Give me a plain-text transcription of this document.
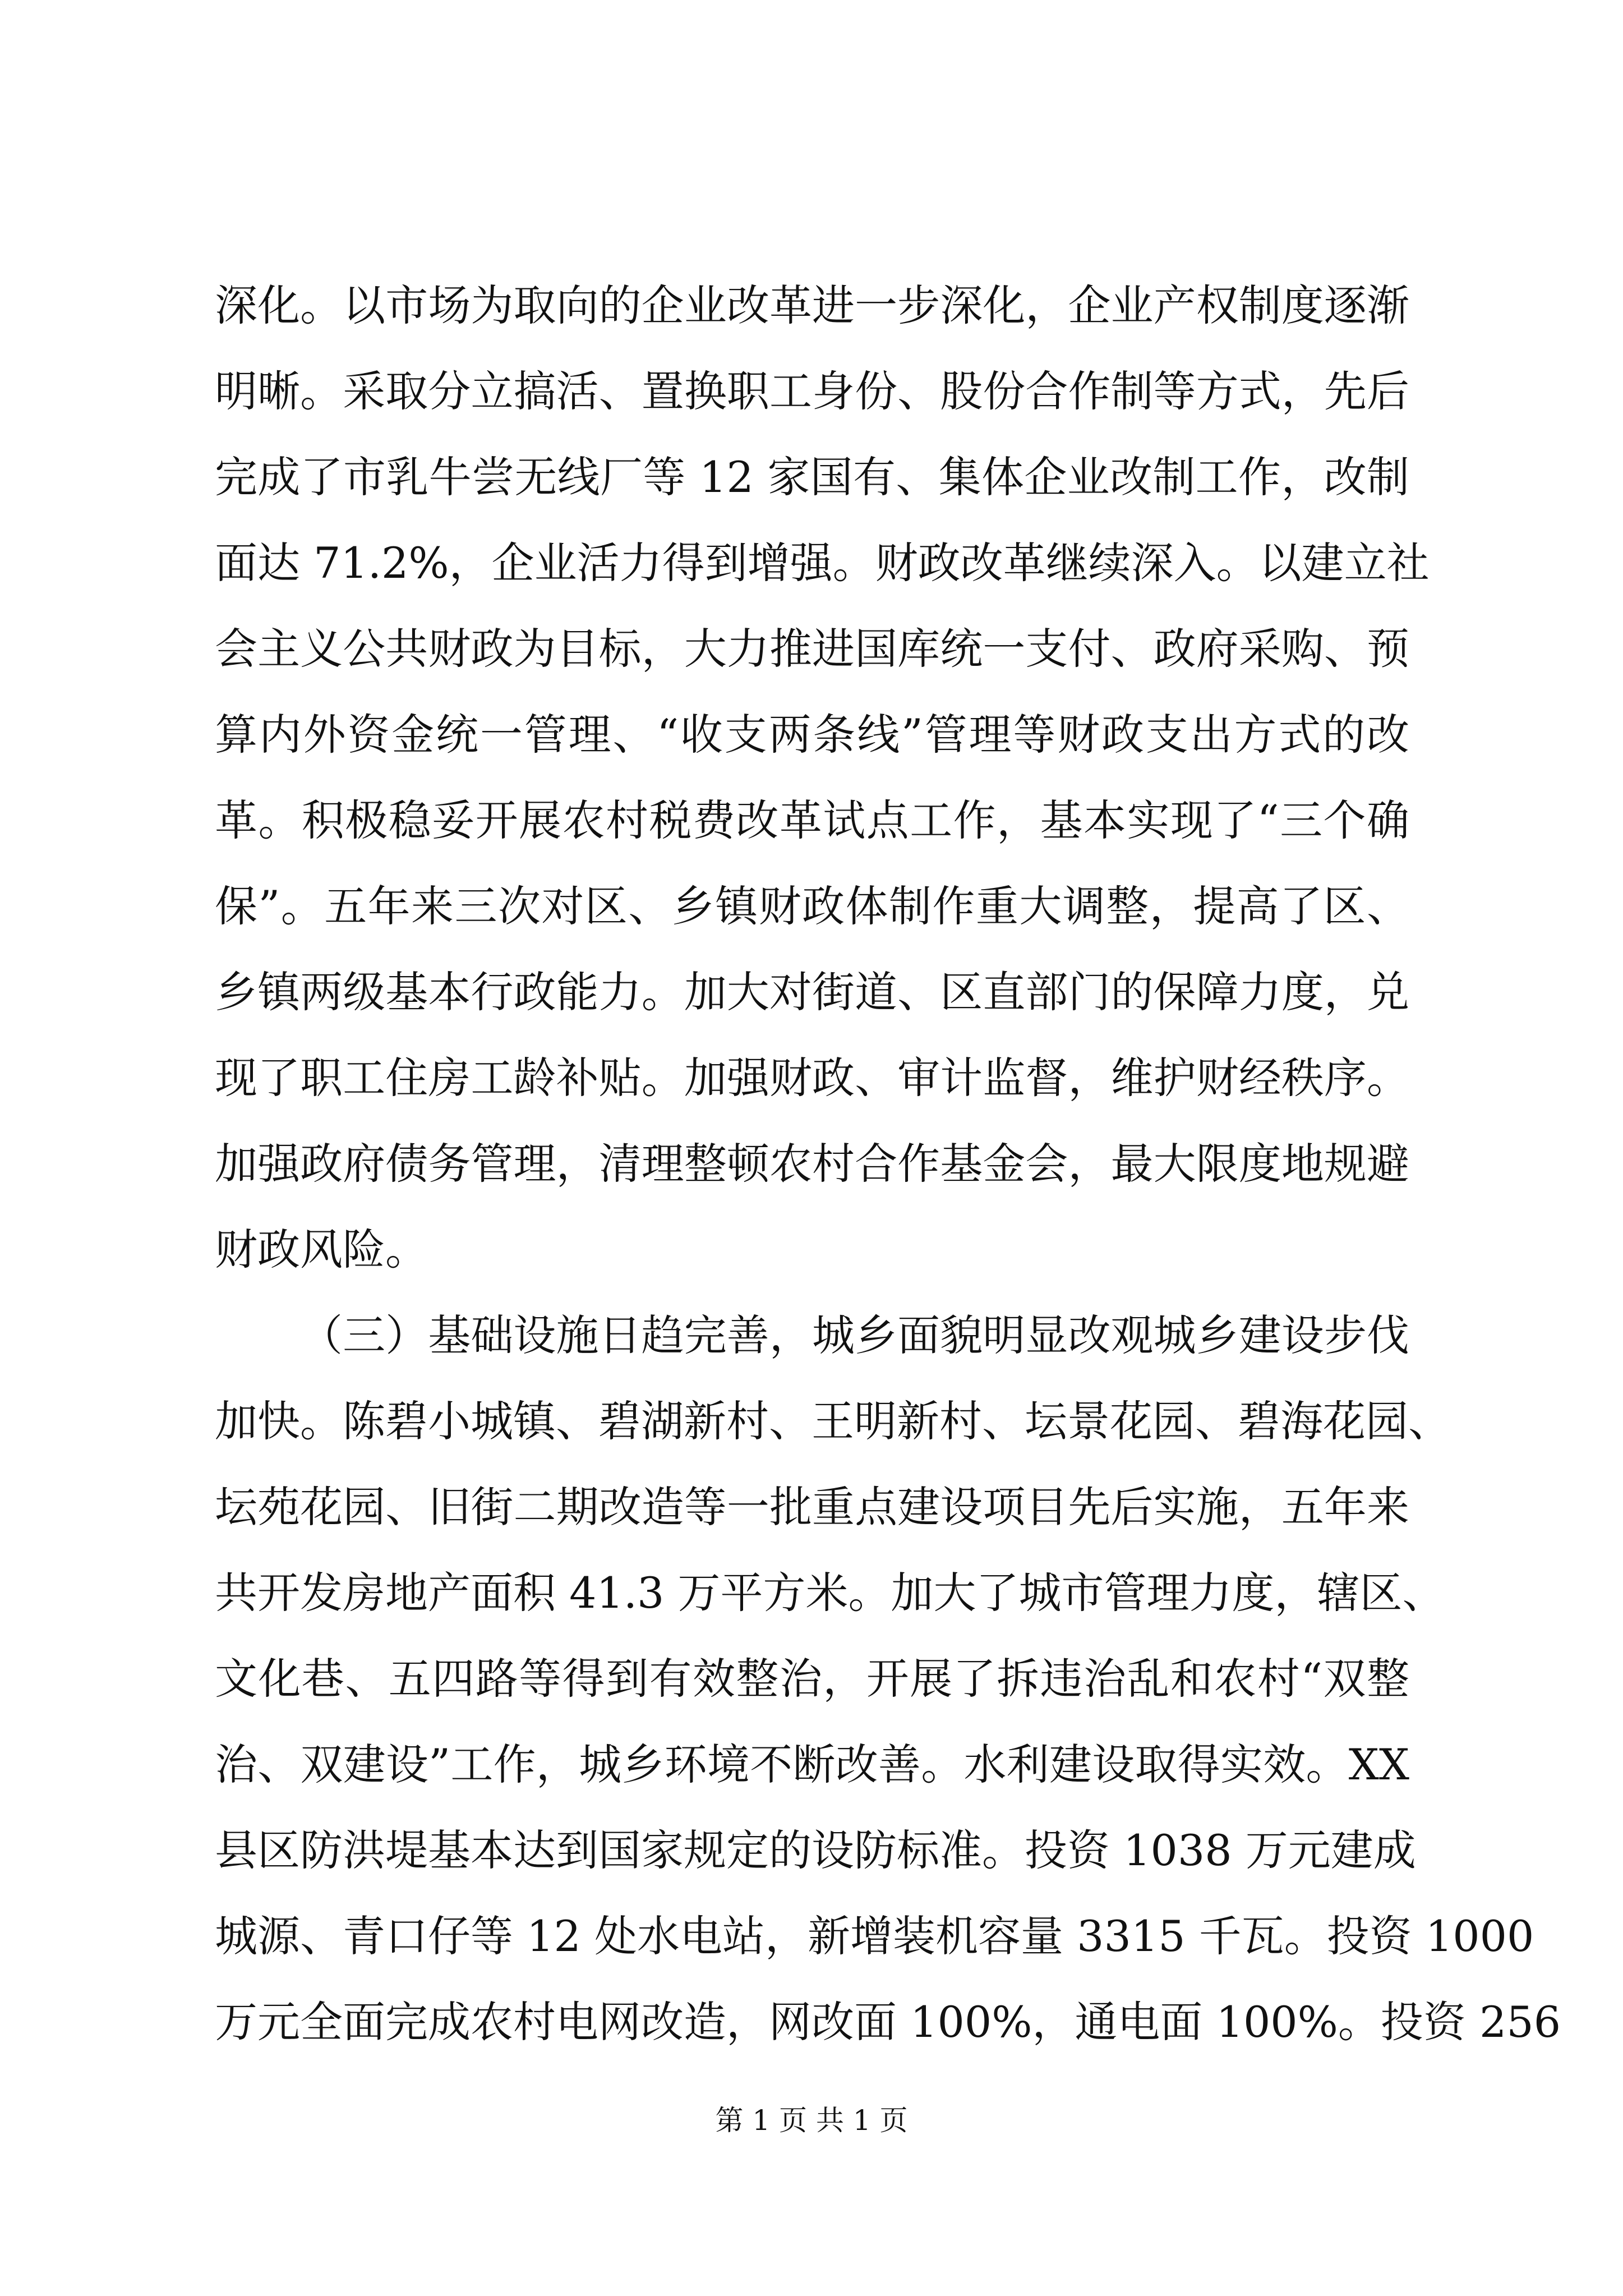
深化。以市场为取向的企业改革进一步深化，企业产权制度逐渐
明晰。采取分立搞活、置换职工身份、股份合作制等方式，先后
完成了市乳牛尝无线厂等 12 家国有、集体企业改制工作，改制
面达 71.2%，企业活力得到增强。财政改革继续深入。以建立社
会主义公共财政为目标，大力推进国库统一支付、政府采购、预
算内外资金统一管理、“收支两条线”管理等财政支出方式的改
革。积极稳妥开展农村税费改革试点工作，基本实现了“三个确
保”。五年来三次对区、乡镇财政体制作重大调整，提高了区、
乡镇两级基本行政能力。加大对街道、区直部门的保障力度，兑
现了职工住房工龄补贴。加强财政、审计监督，维护财经秩序。
加强政府债务管理，清理整顿农村合作基金会，最大限度地规避
财政风险。
（三）基础设施日趋完善，城乡面貌明显改观城乡建设步伐
加快。陈碧小城镇、碧湖新村、王明新村、坛景花园、碧海花园、
坛苑花园、旧街二期改造等一批重点建设项目先后实施，五年来
共开发房地产面积 41.3 万平方米。加大了城市管理力度，辖区、
文化巷、五四路等得到有效整治，开展了拆违治乱和农村“双整
治、双建设”工作，城乡环境不断改善。水利建设取得实效。XX
县区防洪堤基本达到国家规定的设防标准。投资 1038 万元建成
城源、青口仔等 12 处水电站，新增装机容量 3315 千瓦。投资 1000
万元全面完成农村电网改造，网改面 100%，通电面 100%。投资 256
第 1 页 共 1 页
